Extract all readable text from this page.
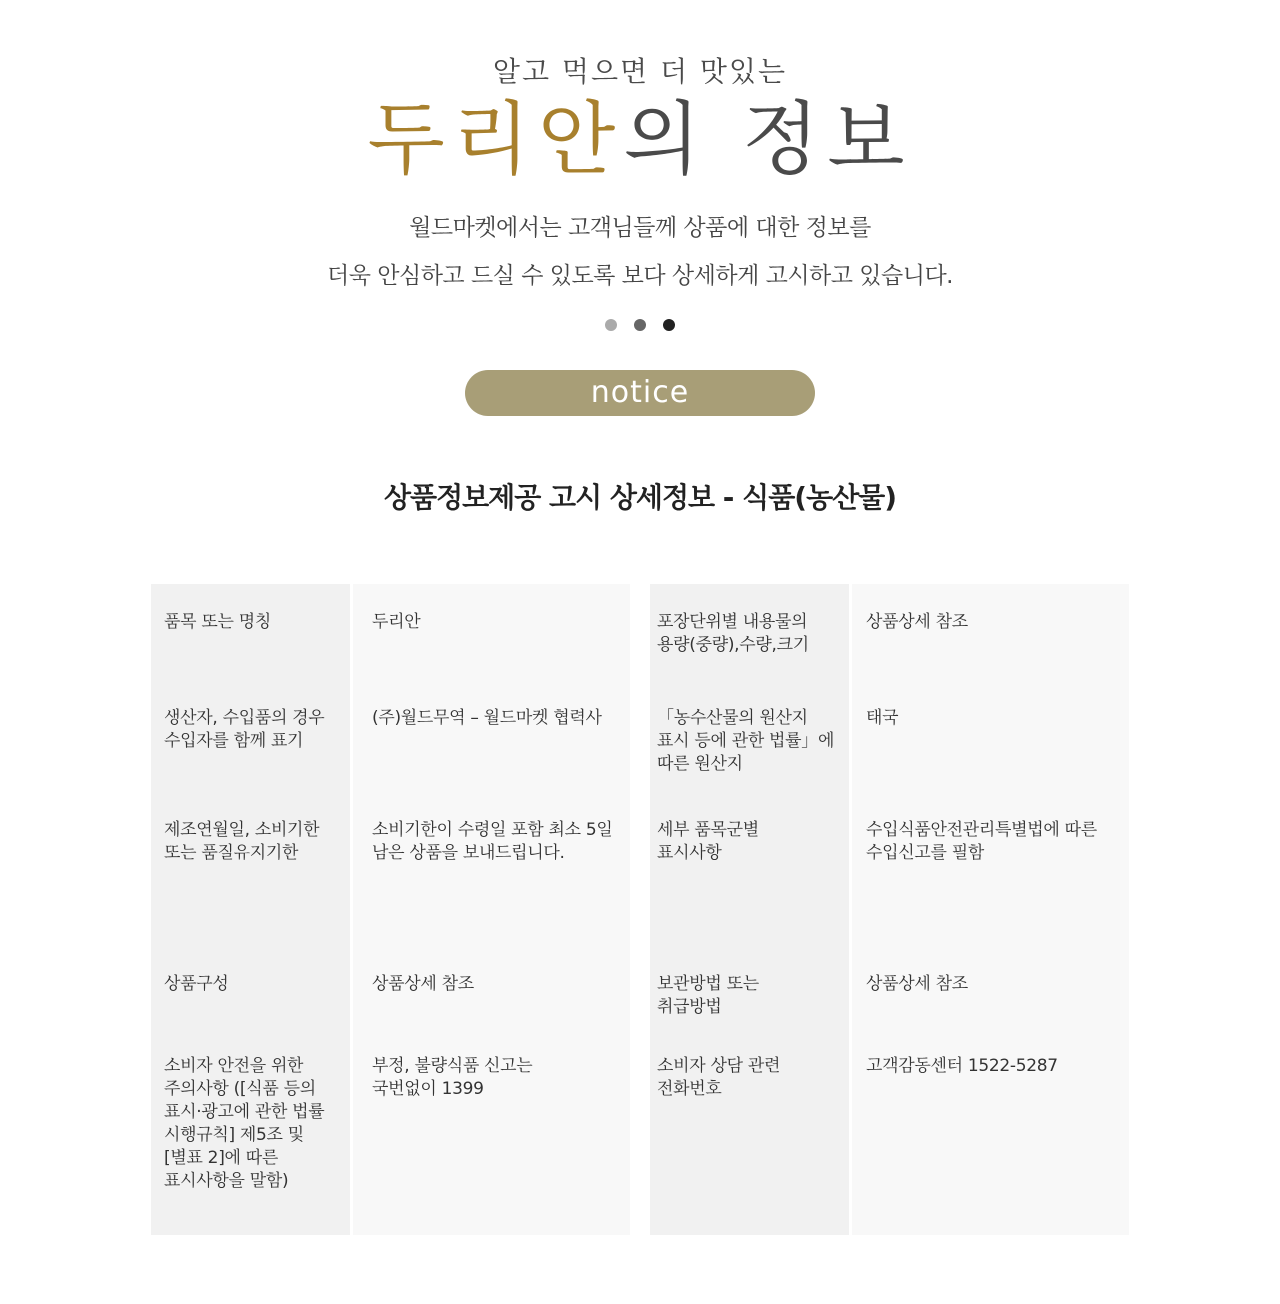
알고 먹으면 더 맛있는
두리안의 정보

월드마켓에서는 고객님들께 상품에 대한 정보를

더욱 안심하고 드실 수 있도록 보다 상세하게 고시하고 있습니다.

notice
상품정보제공 고시 상세정보 - 식품(농산물)
품목 또는 명칭	두리안
생산자, 수입품의 경우
수입자를 함께 표기
(주)월드무역 – 월드마켓 협력사
제조연월일, 소비기한
또는 품질유지기한
소비기한이 수령일 포함 최소 5일
남은 상품을 보내드립니다.
상품구성	상품상세 참조
소비자 안전을 위한
주의사항 ([식품 등의
표시·광고에 관한 법률
시행규칙] 제5조 및
[별표 2]에 따른
표시사항을 말함)
부정, 불량식품 신고는
국번없이 1399
포장단위별 내용물의
용량(중량),수량,크기
상품상세 참조
「농수산물의 원산지
표시 등에 관한 법률」에
따른 원산지
태국
세부 품목군별
표시사항
수입식품안전관리특별법에 따른
수입신고를 필함
보관방법 또는
취급방법
상품상세 참조
소비자 상담 관련
전화번호
고객감동센터 1522-5287
